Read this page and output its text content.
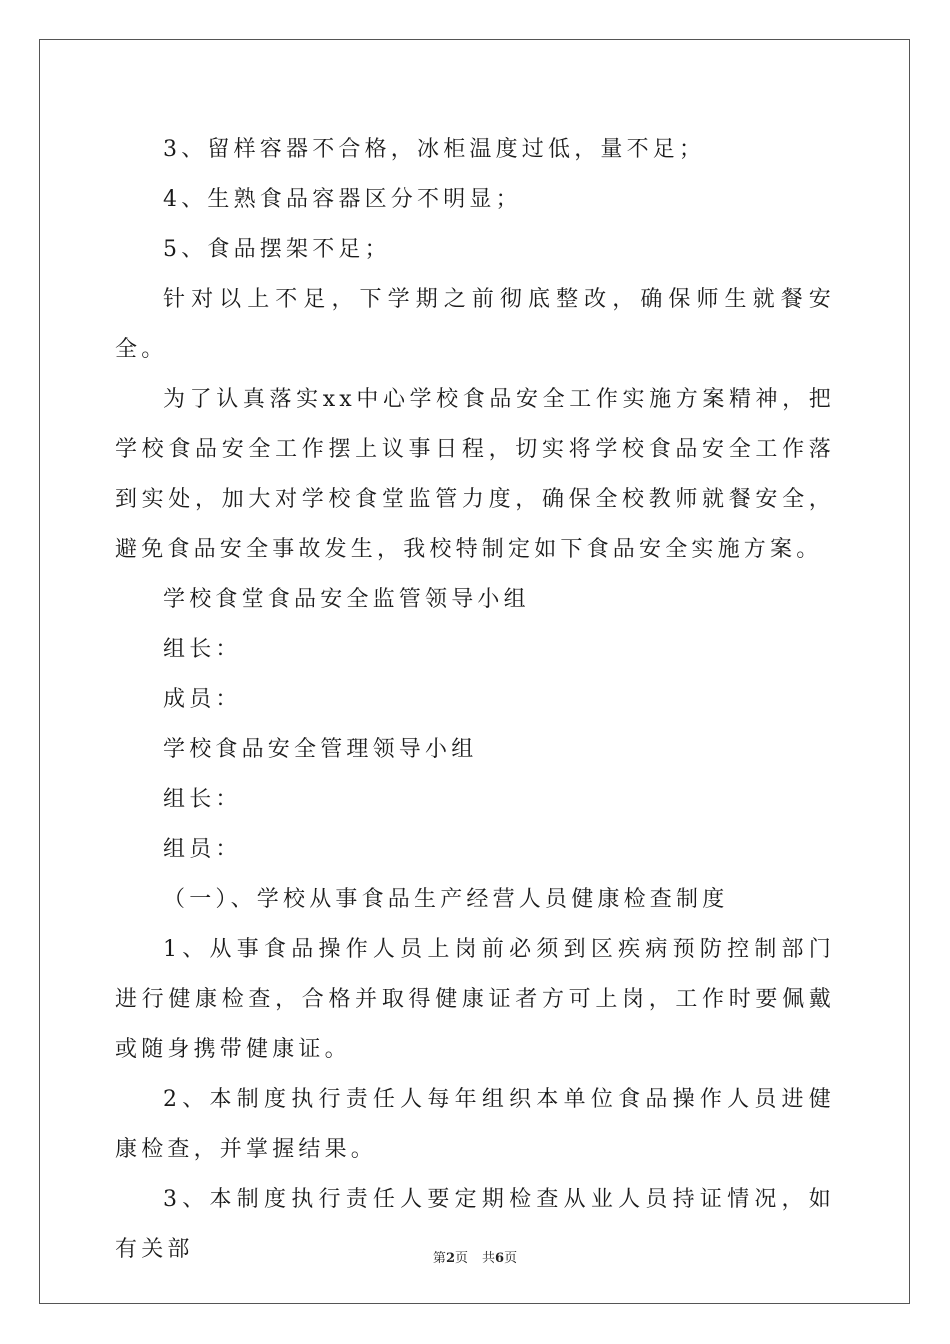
3、留样容器不合格，冰柜温度过低，量不足；

4、生熟食品容器区分不明显；

5、食品摆架不足；

针对以上不足，下学期之前彻底整改，确保师生就餐安全。

为了认真落实xx中心学校食品安全工作实施方案精神，把学校食品安全工作摆上议事日程，切实将学校食品安全工作落到实处，加大对学校食堂监管力度，确保全校教师就餐安全，避免食品安全事故发生，我校特制定如下食品安全实施方案。

学校食堂食品安全监管领导小组

组长：

成员：

学校食品安全管理领导小组

组长：

组员：

（一）、学校从事食品生产经营人员健康检查制度

1、从事食品操作人员上岗前必须到区疾病预防控制部门进行健康检查，合格并取得健康证者方可上岗，工作时要佩戴或随身携带健康证。

2、本制度执行责任人每年组织本单位食品操作人员进健康检查，并掌握结果。

3、本制度执行责任人要定期检查从业人员持证情况，如有关部	第2页 共6页
